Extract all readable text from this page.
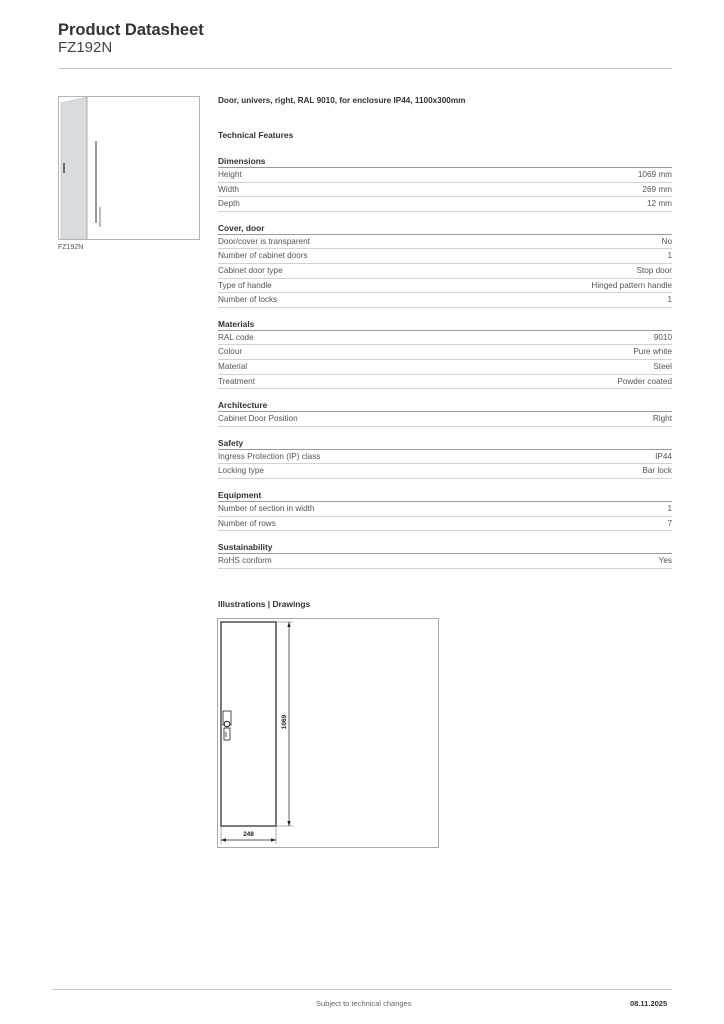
Product Datasheet
FZ192N
FZ192N
Door, univers, right, RAL 9010, for enclosure IP44, 1100x300mm
Technical Features
Dimensions
Height	1069 mm
Width	269 mm
Depth	12 mm
Cover, door
Door/cover is transparent	No
Number of cabinet doors	1
Cabinet door type	Stop door
Type of handle	Hinged pattern handle
Number of locks	1
Materials
RAL code	9010
Colour	Pure white
Material	Steel
Treatment	Powder coated
Architecture
Cabinet Door Position	Right
Safety
Ingress Protection (IP) class	IP44
Locking type	Bar lock
Equipment
Number of section in width	1
Number of rows	7
Sustainability
RoHS conform	Yes
Illustrations | Drawings
1069
248
Subject to technical changes	08.11.2025
